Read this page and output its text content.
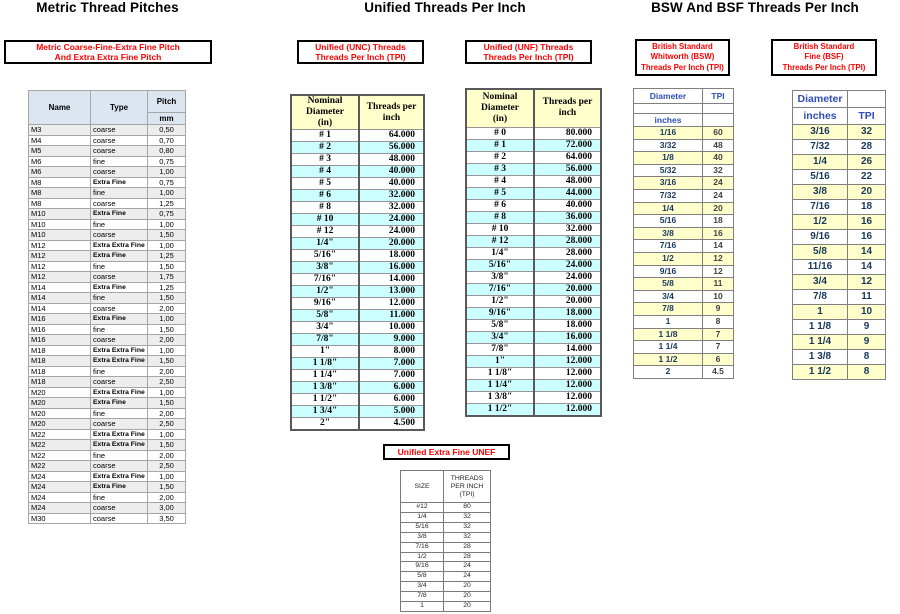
Metric Thread Pitches	Unified Threads Per Inch	BSW And BSF Threads Per Inch
Metric Coarse-Fine-Extra Fine Pitch
And Extra Extra Fine Pitch
Unified (UNC) Threads
Threads Per Inch (TPI)
Unified (UNF) Threads
Threads Per Inch (TPI)
British Standard
Whitworth (BSW)
Threads Per Inch (TPI)
British Standard
Fine (BSF)
Threads Per Inch (TPI)
Unified Extra Fine UNEF
Name	Type	Pitch
		mm
M3	coarse	0,50
M4	coarse	0,70
M5	coarse	0,80
M6	fine	0,75
M6	coarse	1,00
M8	Extra Fine	0,75
M8	fine	1,00
M8	coarse	1,25
M10	Extra Fine	0,75
M10	fine	1,00
M10	coarse	1,50
M12	Extra Extra Fine	1,00
M12	Extra Fine	1,25
M12	fine	1,50
M12	coarse	1,75
M14	Extra Fine	1,25
M14	fine	1,50
M14	coarse	2,00
M16	Extra Fine	1,00
M16	fine	1,50
M16	coarse	2,00
M18	Extra Extra Fine	1,00
M18	Extra Extra Fine	1,50
M18	fine	2,00
M18	coarse	2,50
M20	Extra Extra Fine	1,00
M20	Extra Fine	1,50
M20	fine	2,00
M20	coarse	2,50
M22	Extra Extra Fine	1,00
M22	Extra Extra Fine	1,50
M22	fine	2,00
M22	coarse	2,50
M24	Extra Extra Fine	1,00
M24	Extra Fine	1,50
M24	fine	2,00
M24	coarse	3,00
M30	coarse	3,50
Nominal
Diameter
(in)

Threads per
inch

# 1	64.000
# 2	56.000
# 3	48.000
# 4	40.000
# 5	40.000
# 6	32.000
# 8	32.000
# 10	24.000
# 12	24.000
1/4"	20.000
5/16"	18.000
3/8"	16.000
7/16"	14.000
1/2"	13.000
9/16"	12.000
5/8"	11.000
3/4"	10.000
7/8"	9.000
1"	8.000
1 1/8"	7.000
1 1/4"	7.000
1 3/8"	6.000
1 1/2"	6.000
1 3/4"	5.000
2"	4.500
Nominal
Diameter
(in)

Threads per
inch

# 0	80.000
# 1	72.000
# 2	64.000
# 3	56.000
# 4	48.000
# 5	44.000
# 6	40.000
# 8	36.000
# 10	32.000
# 12	28.000
1/4"	28.000
5/16"	24.000
3/8"	24.000
7/16"	20.000
1/2"	20.000
9/16"	18.000
5/8"	18.000
3/4"	16.000
7/8"	14.000
1"	12.000
1 1/8"	12.000
1 1/4"	12.000
1 3/8"	12.000
1 1/2"	12.000
Diameter	TPI

inches	
1/16	60
3/32	48
1/8	40
5/32	32
3/16	24
7/32	24
1/4	20
5/16	18
3/8	16
7/16	14
1/2	12
9/16	12
5/8	11
3/4	10
7/8	9
1	8
1 1/8	7
1 1/4	7
1 1/2	6
2	4.5
Diameter	
inches	TPI
3/16	32
7/32	28
1/4	26
5/16	22
3/8	20
7/16	18
1/2	16
9/16	16
5/8	14
11/16	14
3/4	12
7/8	11
1	10
1 1/8	9
1 1/4	9
1 3/8	8
1 1/2	8
SIZE	THREADS
PER INCH
(TPI)

#12	80
1/4	32
5/16	32
3/8	32
7/16	28
1/2	28
9/16	24
5/8	24
3/4	20
7/8	20
1	20
